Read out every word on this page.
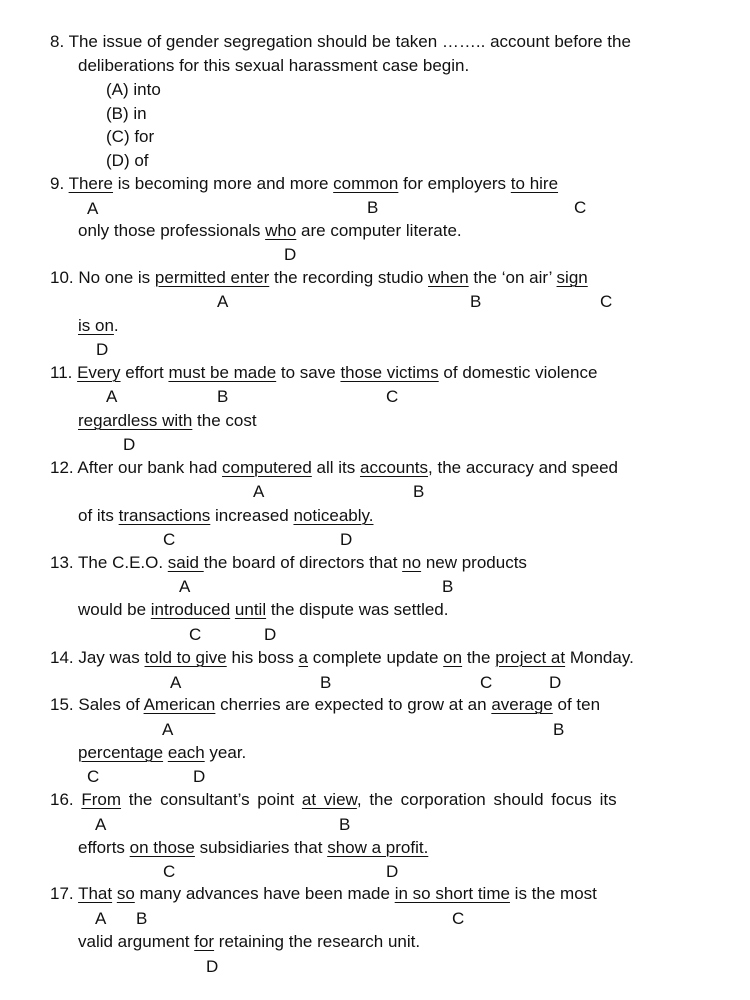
8. The issue of gender segregation should be taken …….. account before the
deliberations for this sexual harassment case begin.
(A) into
(B) in
(C) for
(D) of
9. There is becoming more and more common for employers to hire
A	B	C
only those professionals who are computer literate.
D
10. No one is permitted enter the recording studio when the ‘on air’ sign
A	B	C
is on.
D
11. Every effort must be made to save those victims of domestic violence
A	B	C
regardless with the cost
D
12. After our bank had computered all its accounts, the accuracy and speed
A	B
of its transactions increased noticeably.
C	D
13. The C.E.O. said the board of directors that no new products
A	B
would be introduced until the dispute was settled.
C	D
14. Jay was told to give his boss a complete update on the project at Monday.
A	B	C	D
15. Sales of American cherries are expected to grow at an average of ten
A	B
percentage each year.
C	D
16. From the consultant’s point at view, the corporation should focus its
A	B
efforts on those subsidiaries that show a profit.
C	D
17. That so many advances have been made in so short time is the most
A B	C
valid argument for retaining the research unit.
D
